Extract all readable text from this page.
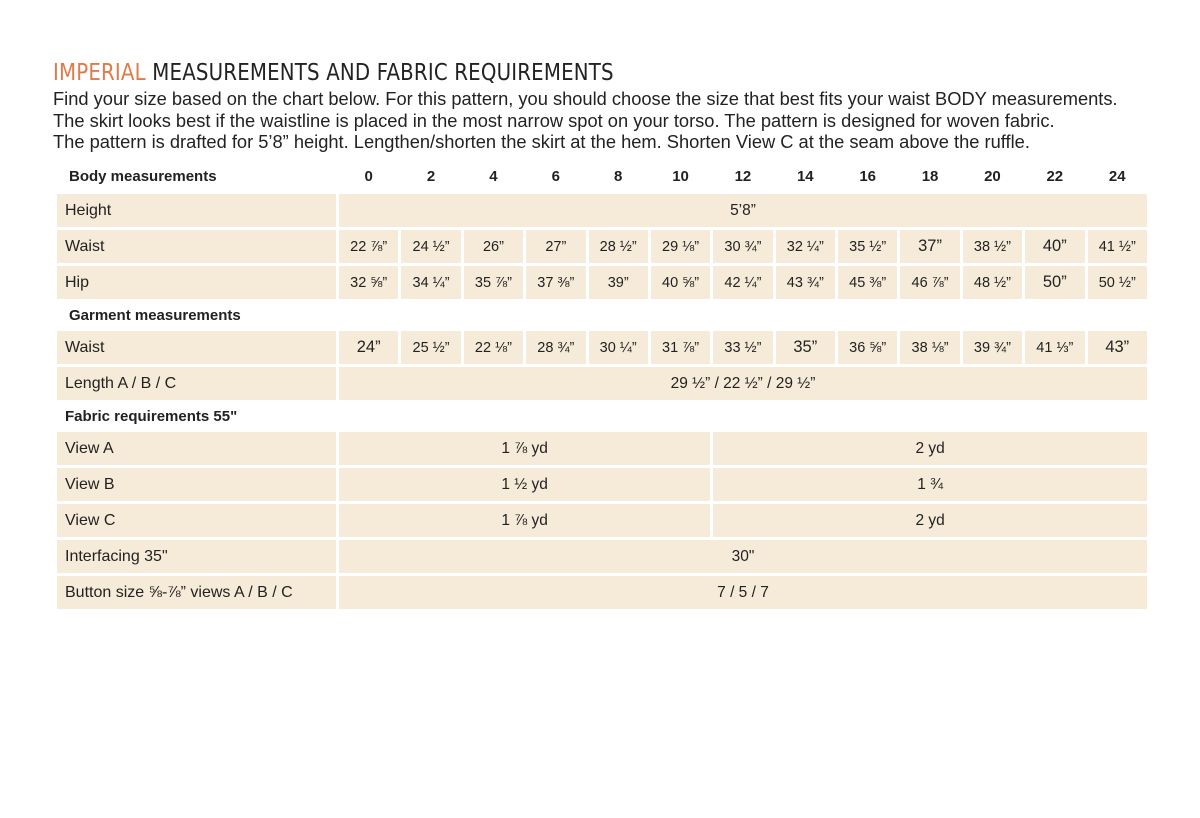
IMPERIAL MEASUREMENTS AND FABRIC REQUIREMENTS
Find your size based on the chart below. For this pattern, you should choose the size that best fits your waist BODY measurements.
The skirt looks best if the waistline is placed in the most narrow spot on your torso. The pattern is designed for woven fabric.
The pattern is drafted for 5’8” height. Lengthen/shorten the skirt at the hem. Shorten View C at the seam above the ruffle.
Body measurements	0	2	4	6	8	10	12	14	16	18	20	22	24
Height	5’8”												
Waist	22 ⅞”	24 ½”	26”	27”	28 ½”	29 ⅛”	30 ¾”	32 ¼”	35 ½”	37”	38 ½”	40”	41 ½”
Hip	32 ⅝”	34 ¼”	35 ⅞”	37 ⅜”	39”	40 ⅝”	42 ¼”	43 ¾”	45 ⅜”	46 ⅞”	48 ½”	50”	50 ½”
Garment measurements													
Waist	24”	25 ½”	22 ⅛”	28 ¾”	30 ¼”	31 ⅞”	33 ½”	35”	36 ⅝”	38 ⅛”	39 ¾”	41 ⅓”	43”
Length A / B / C	29 ½” / 22 ½” / 29 ½”												
Fabric requirements 55"													
View A	1 ⅞ yd						2 yd						
View B	1 ½ yd						1 ¾						
View C	1 ⅞ yd						2 yd						
Interfacing 35"	30"												
Button size ⅝-⅞” views A / B / C	7 / 5 / 7												
